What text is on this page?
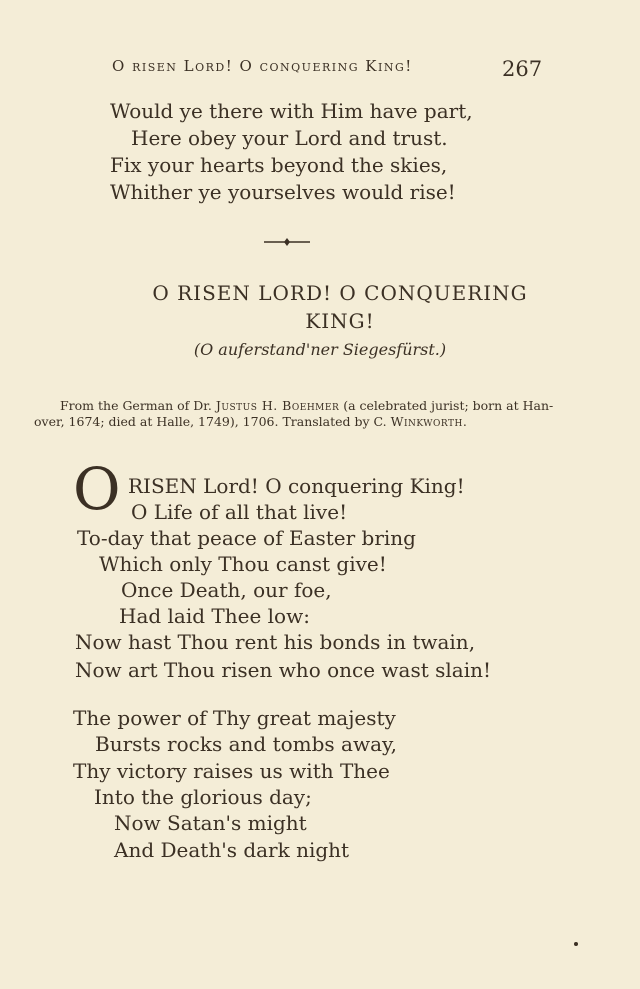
O risen Lord! O conquering King!	267
Would ye there with Him have part,
Here obey your Lord and trust.
Fix your hearts beyond the skies,
Whither ye yourselves would rise!
O RISEN LORD! O CONQUERING
KING!
(O auferstand'ner Siegesfürst.)
From the German of Dr. Justus H. Boehmer (a celebrated jurist; born at Han-
over, 1674; died at Halle, 1749), 1706. Translated by C. Winkworth.
O RISEN Lord! O conquering King!
O Life of all that live!
To-day that peace of Easter bring
Which only Thou canst give!
Once Death, our foe,
Had laid Thee low:
Now hast Thou rent his bonds in twain,
Now art Thou risen who once wast slain!
The power of Thy great majesty
Bursts rocks and tombs away,
Thy victory raises us with Thee
Into the glorious day;
Now Satan's might
And Death's dark night
